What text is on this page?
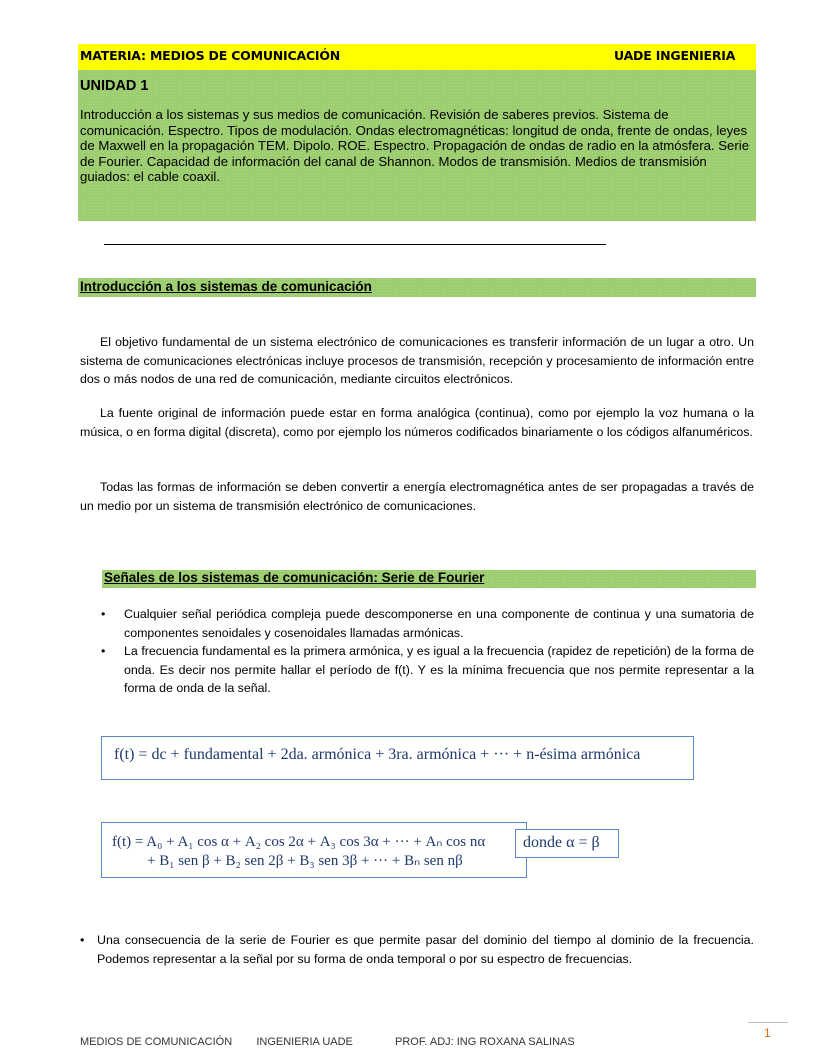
MATERIA: MEDIOS DE COMUNICACIÓN	UADE INGENIERIA
UNIDAD 1
Introducción a los sistemas y sus medios de comunicación. Revisión de saberes previos. Sistema de comunicación. Espectro. Tipos de modulación. Ondas electromagnéticas: longitud de onda, frente de ondas, leyes de Maxwell en la propagación TEM. Dipolo. ROE. Espectro. Propagación de ondas de radio en la atmósfera. Serie de Fourier. Capacidad de información del canal de Shannon. Modos de transmisión. Medios de transmisión guiados: el cable coaxil.
Introducción a los sistemas de comunicación
El objetivo fundamental de un sistema electrónico de comunicaciones es transferir información de un lugar a otro. Un sistema de comunicaciones electrónicas incluye procesos de transmisión, recepción y procesamiento de información entre dos o más nodos de una red de comunicación, mediante circuitos electrónicos.
La fuente original de información puede estar en forma analógica (continua), como por ejemplo la voz humana o la música, o en forma digital (discreta), como por ejemplo los números codificados binariamente o los códigos alfanuméricos.
Todas las formas de información se deben convertir a energía electromagnética antes de ser propagadas a través de un medio por un sistema de transmisión electrónico de comunicaciones.
Señales de los sistemas de comunicación: Serie de Fourier
• Cualquier señal periódica compleja puede descomponerse en una componente de continua y una sumatoria de componentes senoidales y cosenoidales llamadas armónicas.
• La frecuencia fundamental es la primera armónica, y es igual a la frecuencia (rapidez de repetición) de la forma de onda. Es decir nos permite hallar el período de f(t). Y es la mínima frecuencia que nos permite representar a la forma de onda de la señal.
f(t) = dc + fundamental + 2da. armónica + 3ra. armónica + ··· + n-ésima armónica
f(t) = A₀ + A₁ cos α + A₂ cos 2α + A₃ cos 3α + ··· + Aₙ cos nα
+ B₁ sen β + B₂ sen 2β + B₃ sen 3β + ··· + Bₙ sen nβ
donde α = β
• Una consecuencia de la serie de Fourier es que permite pasar del dominio del tiempo al dominio de la frecuencia. Podemos representar a la señal por su forma de onda temporal o por su espectro de frecuencias.
1
MEDIOS DE COMUNICACIÓN INGENIERIA UADE	PROF. ADJ: ING ROXANA SALINAS
